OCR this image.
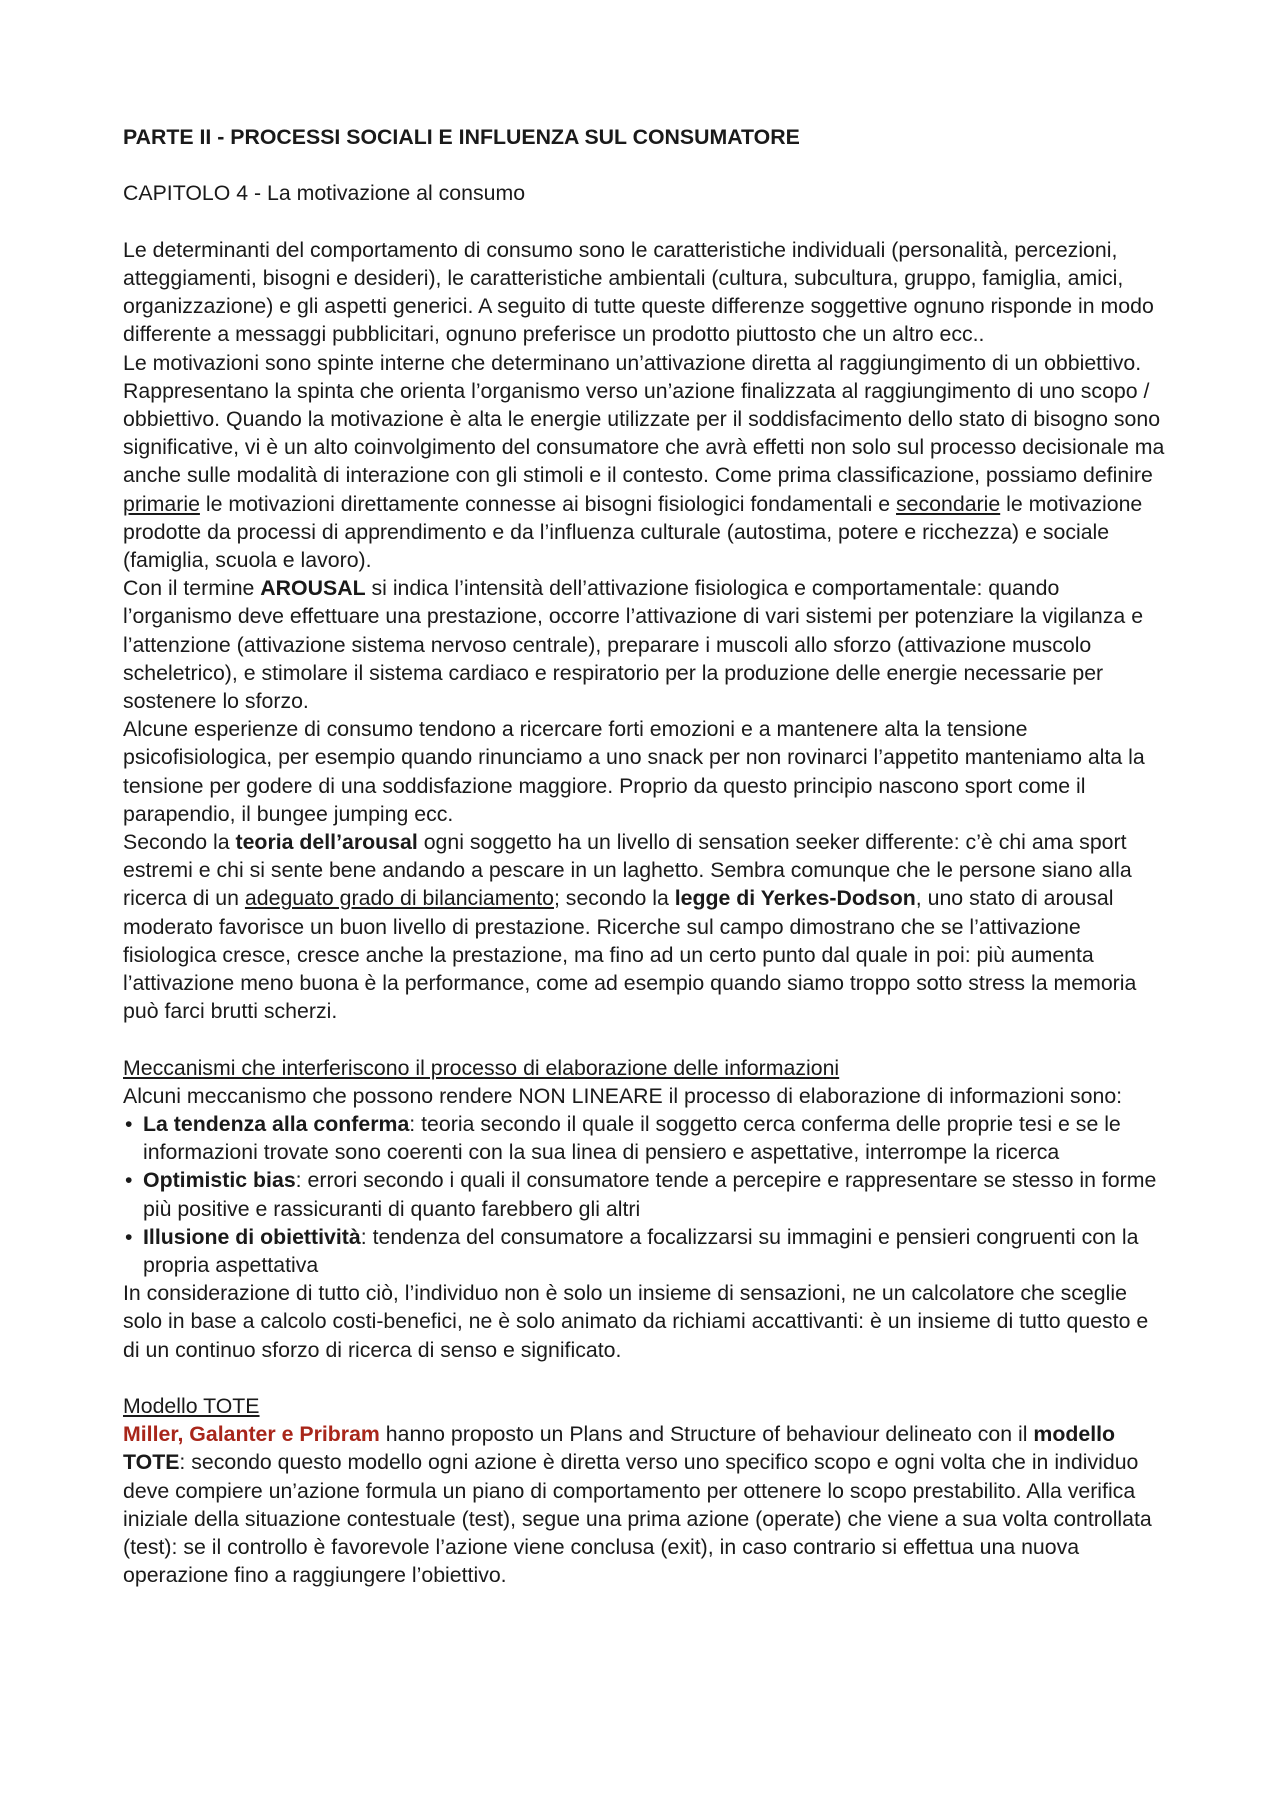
PARTE II - PROCESSI SOCIALI E INFLUENZA SUL CONSUMATORE

CAPITOLO 4 - La motivazione al consumo

Le determinanti del comportamento di consumo sono le caratteristiche individuali (personalità, percezioni, atteggiamenti, bisogni e desideri), le caratteristiche ambientali (cultura, subcultura, gruppo, famiglia, amici, organizzazione) e gli aspetti generici. A seguito di tutte queste differenze soggettive ognuno risponde in modo differente a messaggi pubblicitari, ognuno preferisce un prodotto piuttosto che un altro ecc..

Le motivazioni sono spinte interne che determinano un’attivazione diretta al raggiungimento di un obbiettivo. Rappresentano la spinta che orienta l’organismo verso un’azione finalizzata al raggiungimento di uno scopo / obbiettivo. Quando la motivazione è alta le energie utilizzate per il soddisfacimento dello stato di bisogno sono significative, vi è un alto coinvolgimento del consumatore che avrà effetti non solo sul processo decisionale ma anche sulle modalità di interazione con gli stimoli e il contesto. Come prima classificazione, possiamo definire primarie le motivazioni direttamente connesse ai bisogni fisiologici fondamentali e secondarie le motivazione prodotte da processi di apprendimento e da l’influenza culturale (autostima, potere e ricchezza) e sociale (famiglia, scuola e lavoro).

Con il termine AROUSAL si indica l’intensità dell’attivazione fisiologica e comportamentale: quando l’organismo deve effettuare una prestazione, occorre l’attivazione di vari sistemi per potenziare la vigilanza e l’attenzione (attivazione sistema nervoso centrale), preparare i muscoli allo sforzo (attivazione muscolo scheletrico), e stimolare il sistema cardiaco e respiratorio per la produzione delle energie necessarie per sostenere lo sforzo.

Alcune esperienze di consumo tendono a ricercare forti emozioni e a mantenere alta la tensione psicofisiologica, per esempio quando rinunciamo a uno snack per non rovinarci l’appetito manteniamo alta la tensione per godere di una soddisfazione maggiore. Proprio da questo principio nascono sport come il parapendio, il bungee jumping ecc.

Secondo la teoria dell’arousal ogni soggetto ha un livello di sensation seeker differente: c’è chi ama sport estremi e chi si sente bene andando a pescare in un laghetto. Sembra comunque che le persone siano alla ricerca di un adeguato grado di bilanciamento; secondo la legge di Yerkes-Dodson, uno stato di arousal moderato favorisce un buon livello di prestazione. Ricerche sul campo dimostrano che se l’attivazione fisiologica cresce, cresce anche la prestazione, ma fino ad un certo punto dal quale in poi: più aumenta l’attivazione meno buona è la performance, come ad esempio quando siamo troppo sotto stress la memoria può farci brutti scherzi.

Meccanismi che interferiscono il processo di elaborazione delle informazioni

Alcuni meccanismo che possono rendere NON LINEARE il processo di elaborazione di informazioni sono:

• La tendenza alla conferma: teoria secondo il quale il soggetto cerca conferma delle proprie tesi e se le informazioni trovate sono coerenti con la sua linea di pensiero e aspettative, interrompe la ricerca
• Optimistic bias: errori secondo i quali il consumatore tende a percepire e rappresentare se stesso in forme più positive e rassicuranti di quanto farebbero gli altri
• Illusione di obiettività: tendenza del consumatore a focalizzarsi su immagini e pensieri congruenti con la propria aspettativa

In considerazione di tutto ciò, l’individuo non è solo un insieme di sensazioni, ne un calcolatore che sceglie solo in base a calcolo costi-benefici, ne è solo animato da richiami accattivanti: è un insieme di tutto questo e di un continuo sforzo di ricerca di senso e significato.

Modello TOTE

Miller, Galanter e Pribram hanno proposto un Plans and Structure of behaviour delineato con il modello TOTE: secondo questo modello ogni azione è diretta verso uno specifico scopo e ogni volta che in individuo deve compiere un’azione formula un piano di comportamento per ottenere lo scopo prestabilito. Alla verifica iniziale della situazione contestuale (test), segue una prima azione (operate) che viene a sua volta controllata (test): se il controllo è favorevole l’azione viene conclusa (exit), in caso contrario si effettua una nuova operazione fino a raggiungere l’obiettivo.
